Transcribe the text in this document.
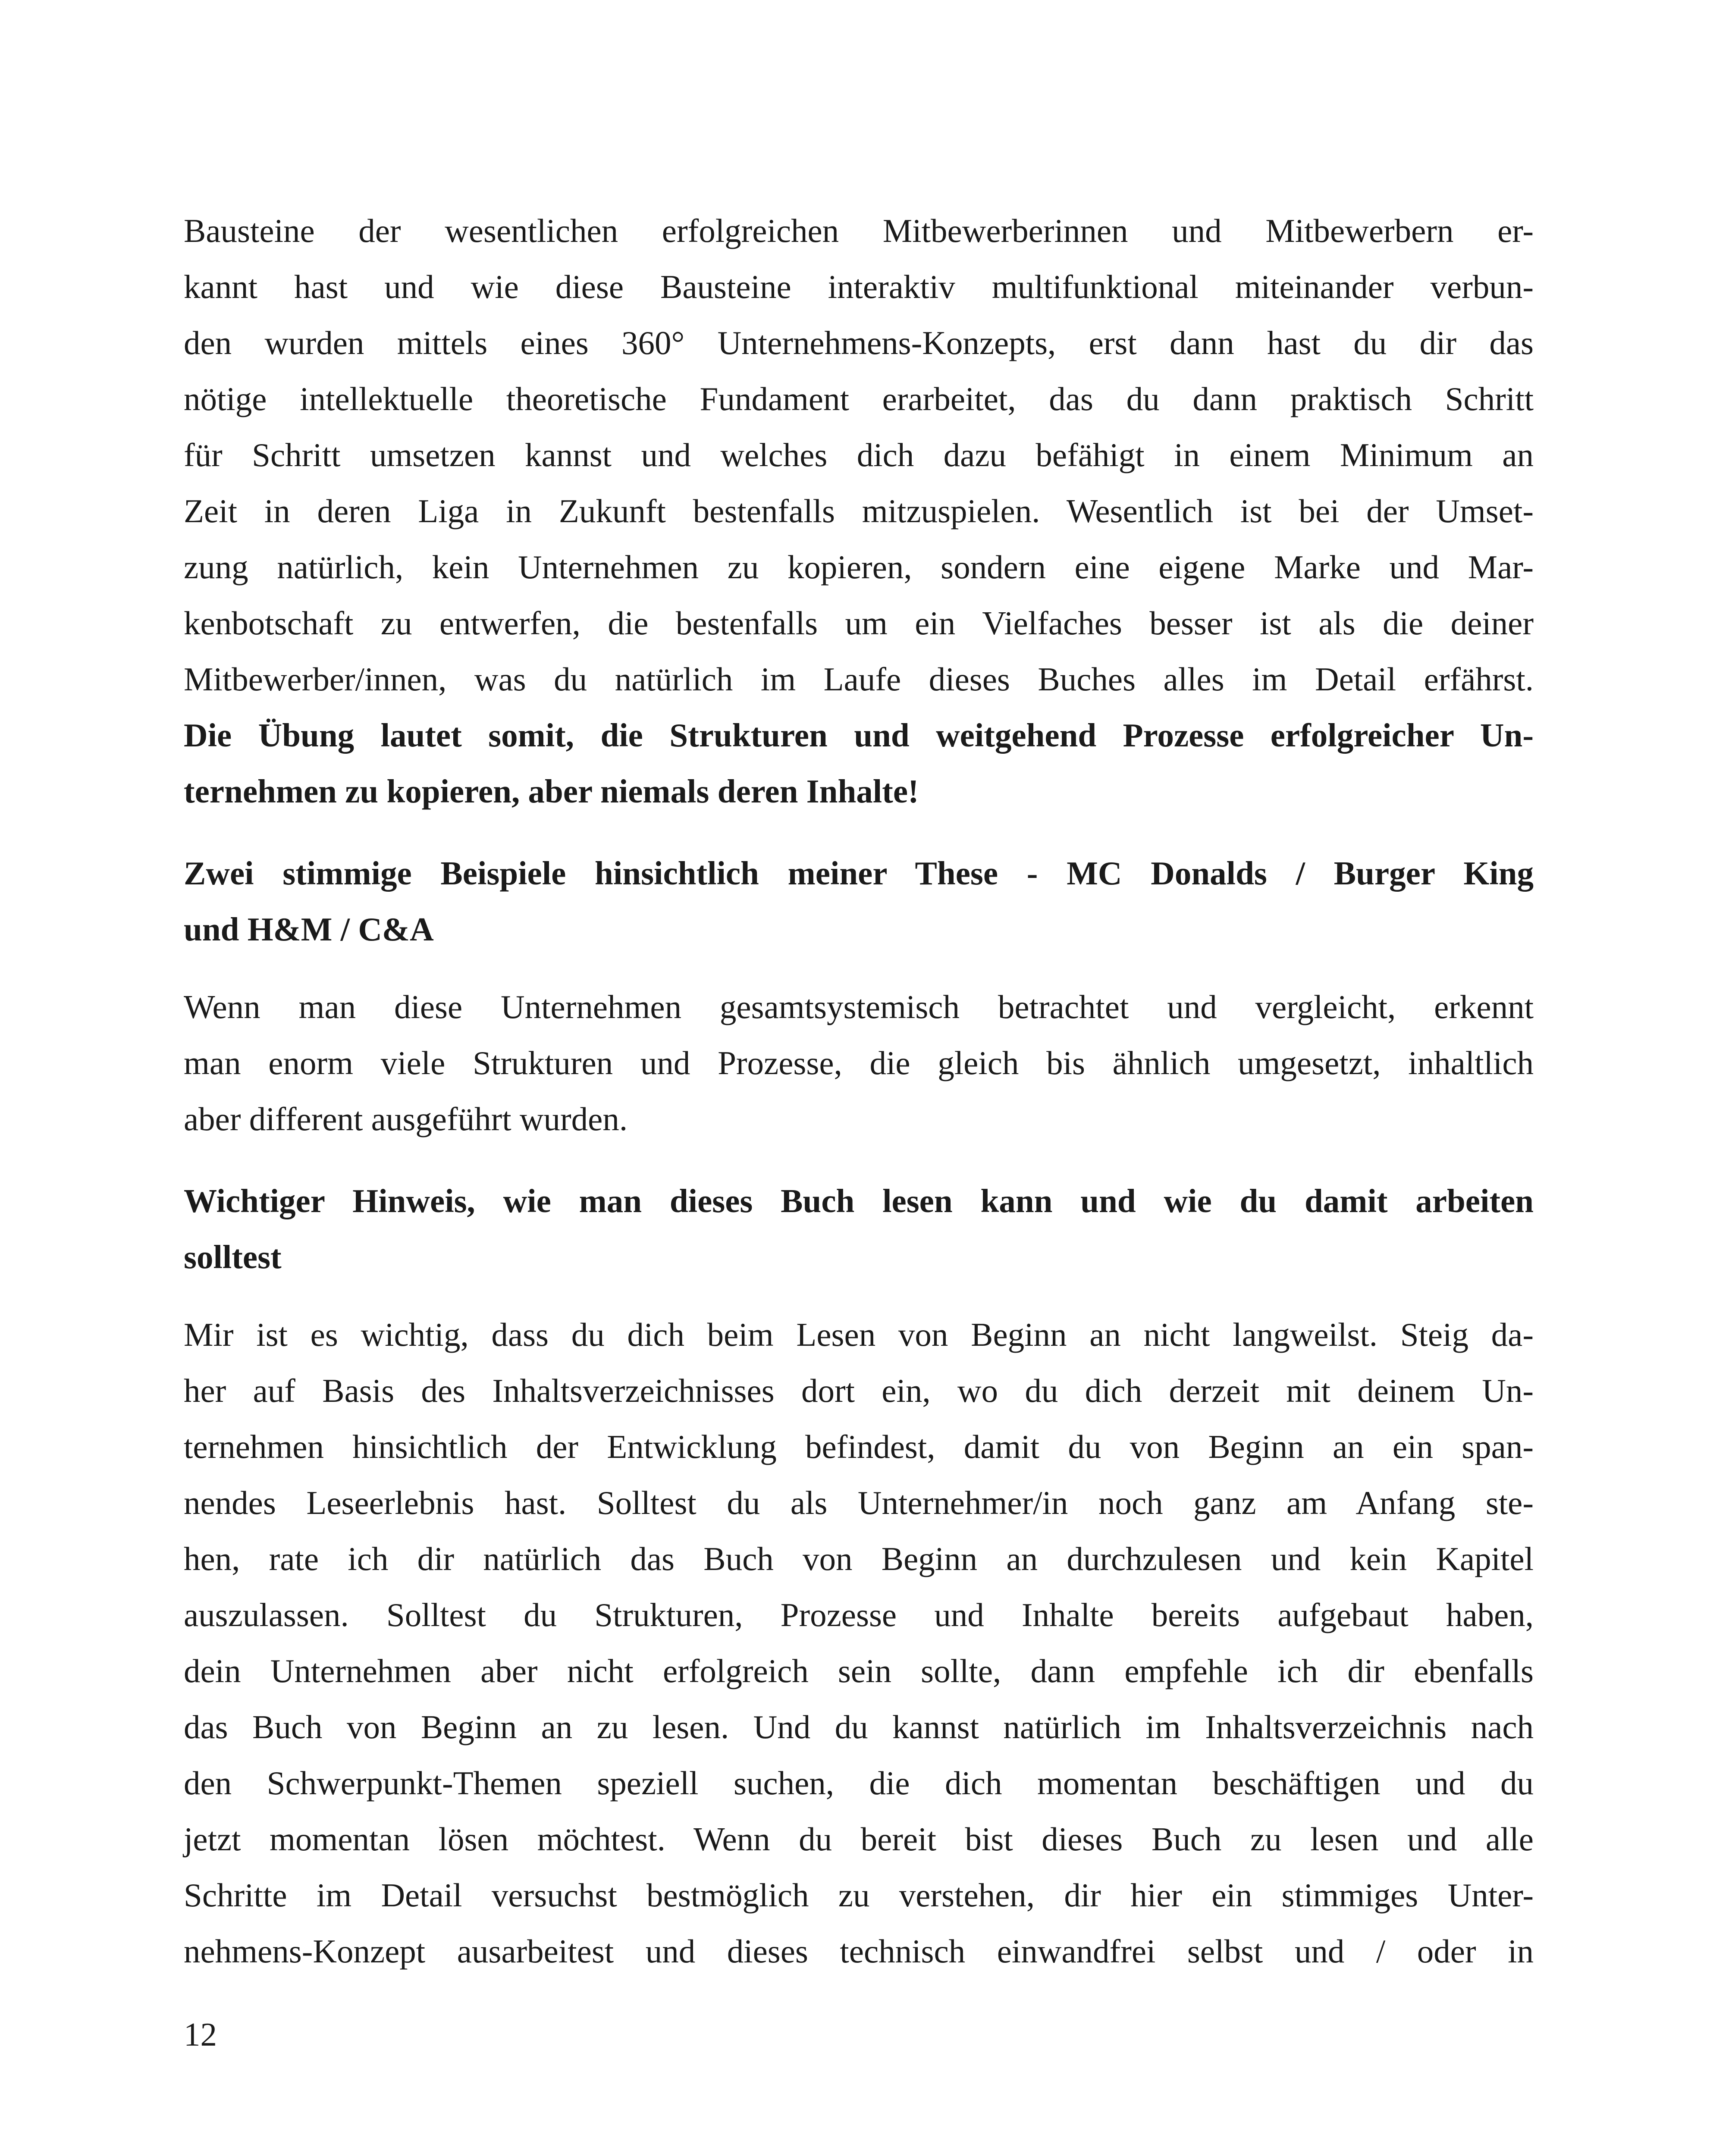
Bausteine der wesentlichen erfolgreichen Mitbewerberinnen und Mitbewerbern er-
kannt hast und wie diese Bausteine interaktiv multifunktional miteinander verbun-
den wurden mittels eines 360° Unternehmens-Konzepts, erst dann hast du dir das
nötige intellektuelle theoretische Fundament erarbeitet, das du dann praktisch Schritt
für Schritt umsetzen kannst und welches dich dazu befähigt in einem Minimum an
Zeit in deren Liga in Zukunft bestenfalls mitzuspielen. Wesentlich ist bei der Umset-
zung natürlich, kein Unternehmen zu kopieren, sondern eine eigene Marke und Mar-
kenbotschaft zu entwerfen, die bestenfalls um ein Vielfaches besser ist als die deiner
Mitbewerber/innen, was du natürlich im Laufe dieses Buches alles im Detail erfährst.
Die Übung lautet somit, die Strukturen und weitgehend Prozesse erfolgreicher Un-
ternehmen zu kopieren, aber niemals deren Inhalte!
Zwei stimmige Beispiele hinsichtlich meiner These - MC Donalds / Burger King
und H&M / C&A
Wenn man diese Unternehmen gesamtsystemisch betrachtet und vergleicht, erkennt
man enorm viele Strukturen und Prozesse, die gleich bis ähnlich umgesetzt, inhaltlich
aber different ausgeführt wurden.
Wichtiger Hinweis, wie man dieses Buch lesen kann und wie du damit arbeiten
solltest
Mir ist es wichtig, dass du dich beim Lesen von Beginn an nicht langweilst. Steig da-
her auf Basis des Inhaltsverzeichnisses dort ein, wo du dich derzeit mit deinem Un-
ternehmen hinsichtlich der Entwicklung befindest, damit du von Beginn an ein span-
nendes Leseerlebnis hast. Solltest du als Unternehmer/in noch ganz am Anfang ste-
hen, rate ich dir natürlich das Buch von Beginn an durchzulesen und kein Kapitel
auszulassen. Solltest du Strukturen, Prozesse und Inhalte bereits aufgebaut haben,
dein Unternehmen aber nicht erfolgreich sein sollte, dann empfehle ich dir ebenfalls
das Buch von Beginn an zu lesen. Und du kannst natürlich im Inhaltsverzeichnis nach
den Schwerpunkt-Themen speziell suchen, die dich momentan beschäftigen und du
jetzt momentan lösen möchtest. Wenn du bereit bist dieses Buch zu lesen und alle
Schritte im Detail versuchst bestmöglich zu verstehen, dir hier ein stimmiges Unter-
nehmens-Konzept ausarbeitest und dieses technisch einwandfrei selbst und / oder in
12
